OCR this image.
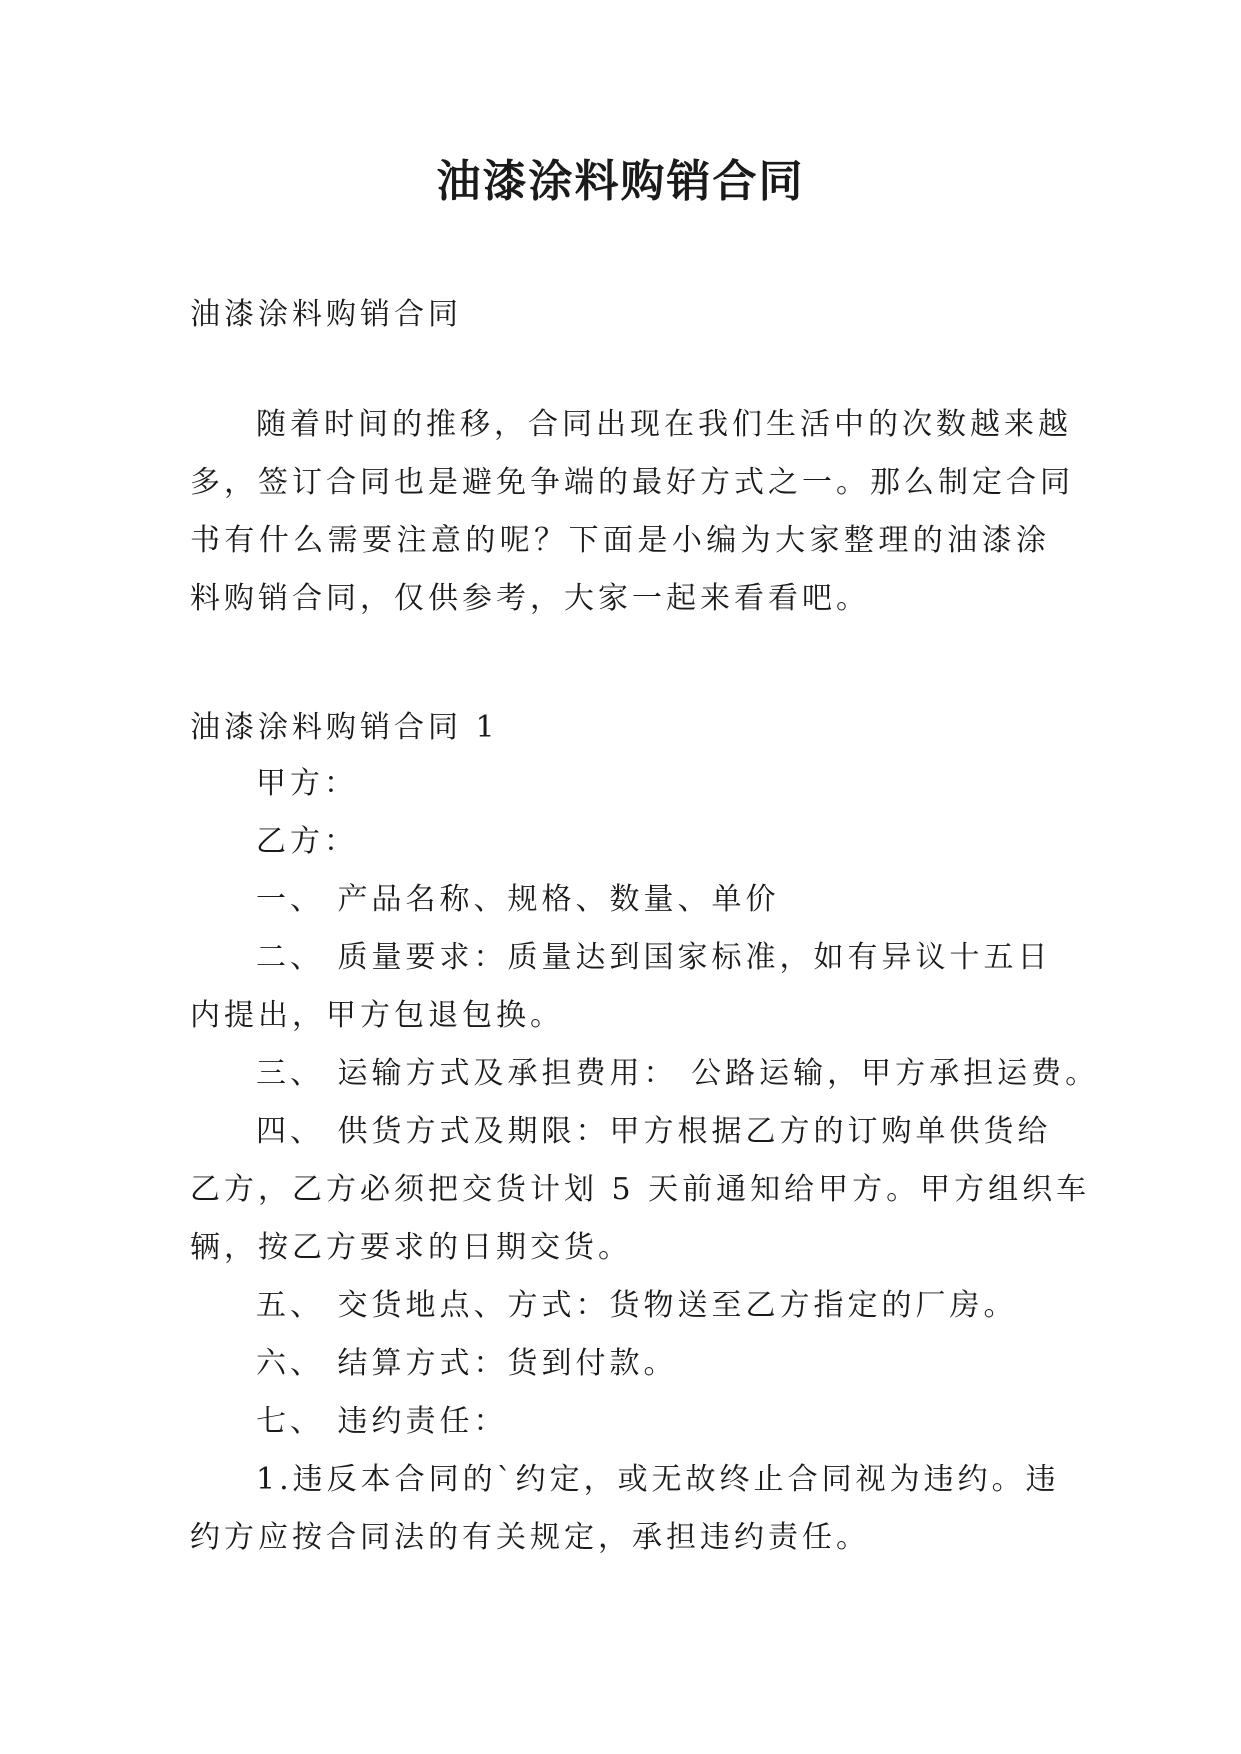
油漆涂料购销合同
油漆涂料购销合同
随着时间的推移，合同出现在我们生活中的次数越来越
多，签订合同也是避免争端的最好方式之一。那么制定合同
书有什么需要注意的呢？下面是小编为大家整理的油漆涂
料购销合同，仅供参考，大家一起来看看吧。
油漆涂料购销合同 1
甲方：
乙方：
一、 产品名称、规格、数量、单价
二、 质量要求：质量达到国家标准，如有异议十五日
内提出，甲方包退包换。
三、 运输方式及承担费用： 公路运输，甲方承担运费。
四、 供货方式及期限：甲方根据乙方的订购单供货给
乙方，乙方必须把交货计划 5 天前通知给甲方。甲方组织车
辆，按乙方要求的日期交货。
五、 交货地点、方式：货物送至乙方指定的厂房。
六、 结算方式：货到付款。
七、 违约责任：
1.违反本合同的`约定，或无故终止合同视为违约。违
约方应按合同法的有关规定，承担违约责任。
